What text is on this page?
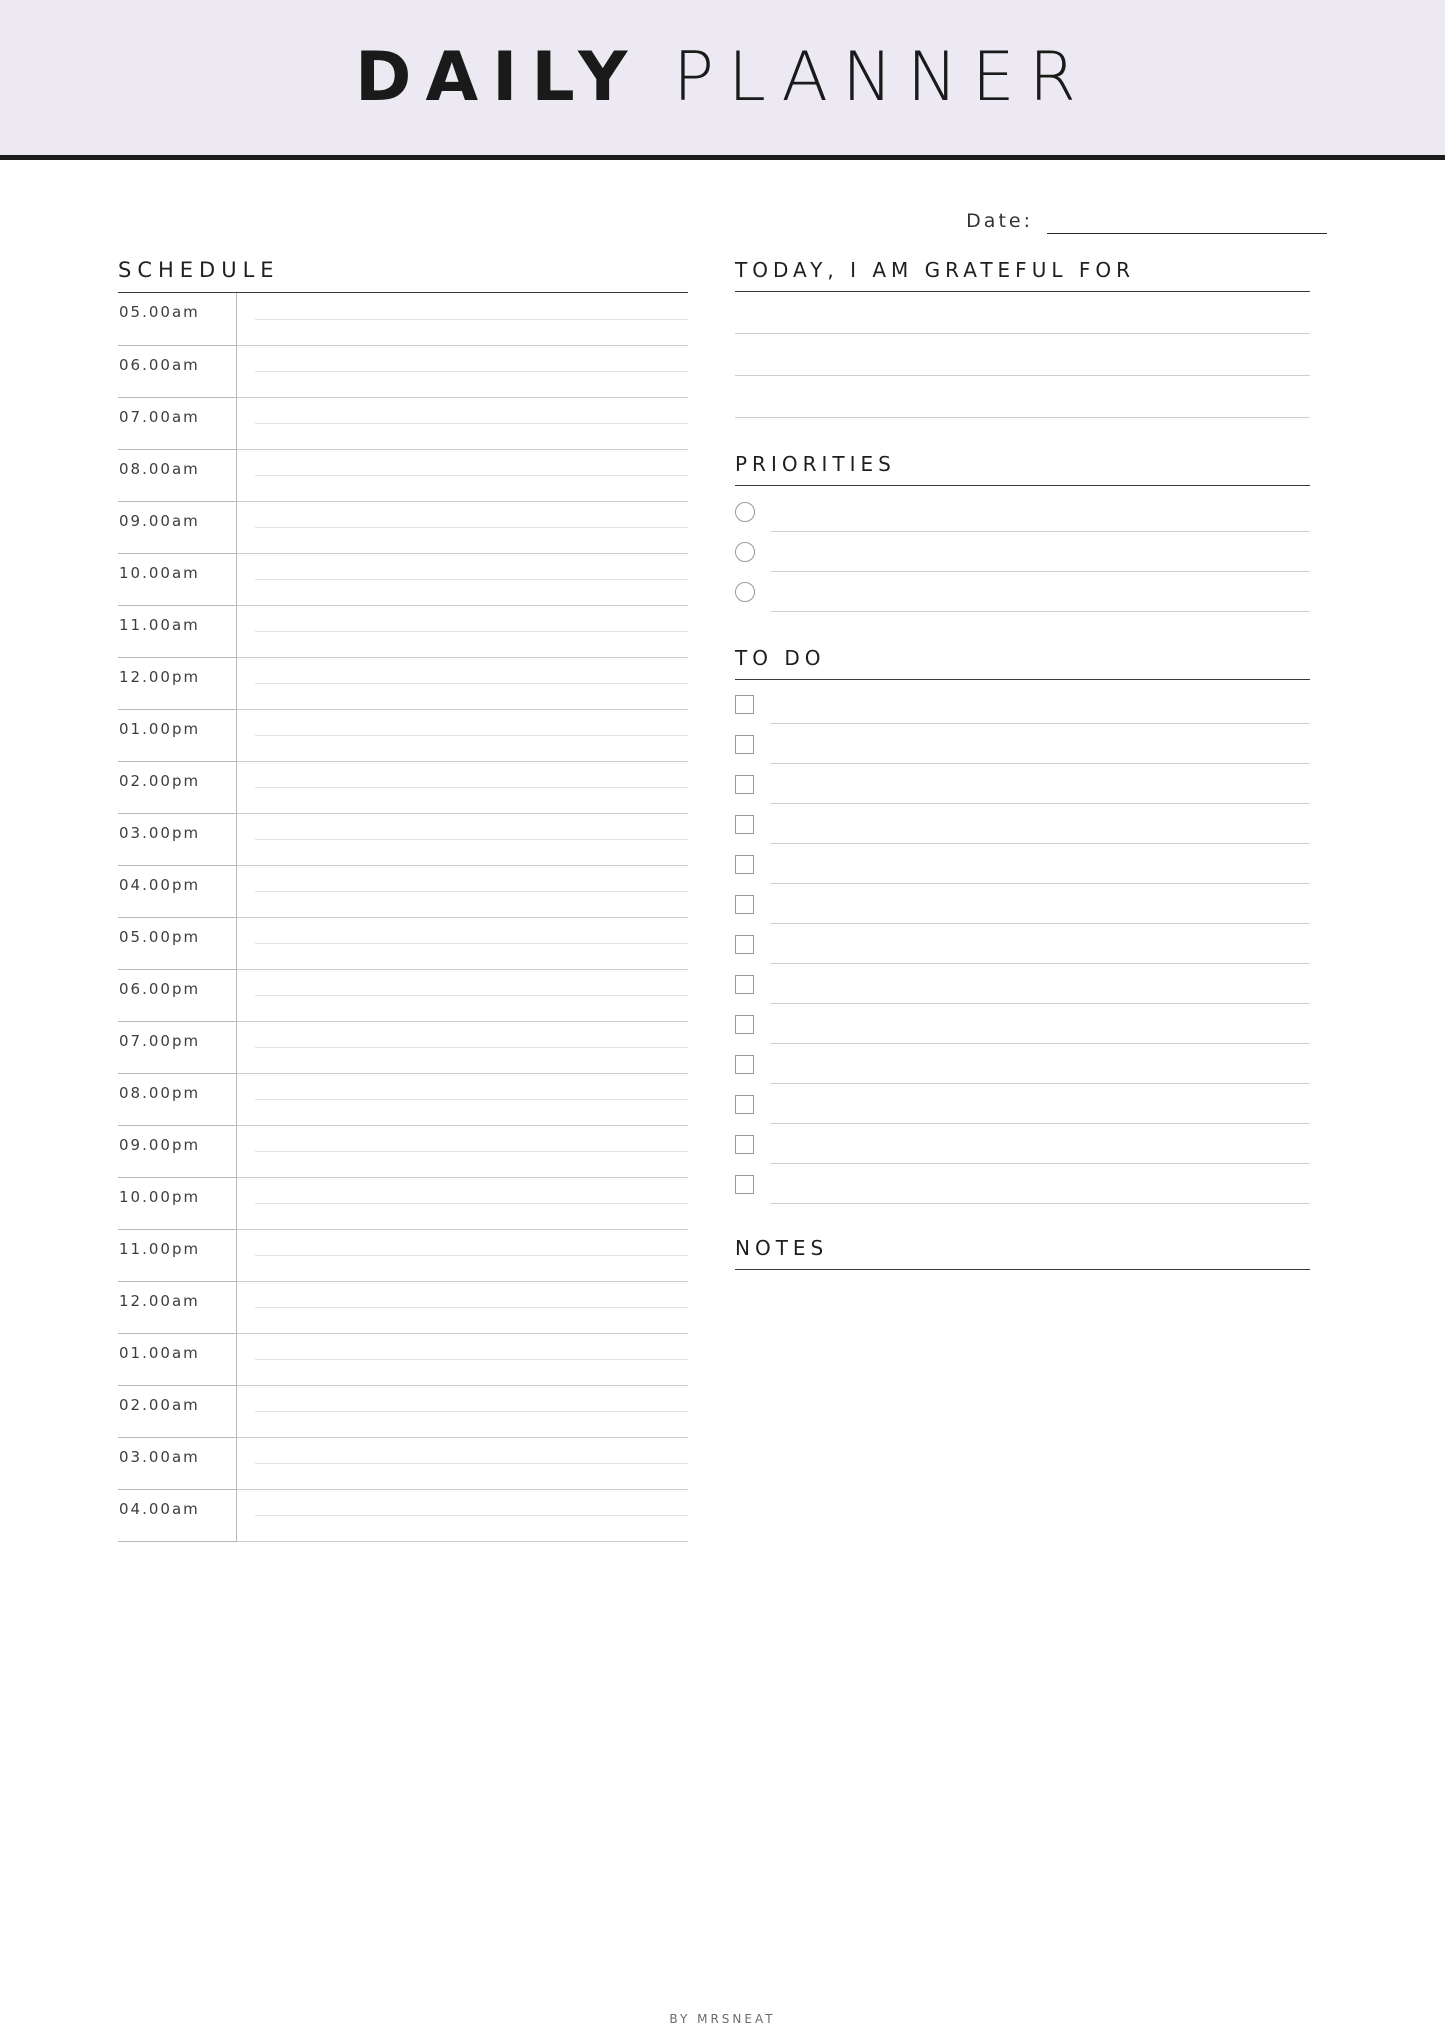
DAILY PLANNER
Date:
SCHEDULE
05.00am	
06.00am	
07.00am	
08.00am	
09.00am	
10.00am	
11.00am	
12.00pm	
01.00pm	
02.00pm	
03.00pm	
04.00pm	
05.00pm	
06.00pm	
07.00pm	
08.00pm	
09.00pm	
10.00pm	
11.00pm	
12.00am	
01.00am	
02.00am	
03.00am	
04.00am	
TODAY, I AM GRATEFUL FOR
PRIORITIES
TO DO
NOTES
BY MRSNEAT
